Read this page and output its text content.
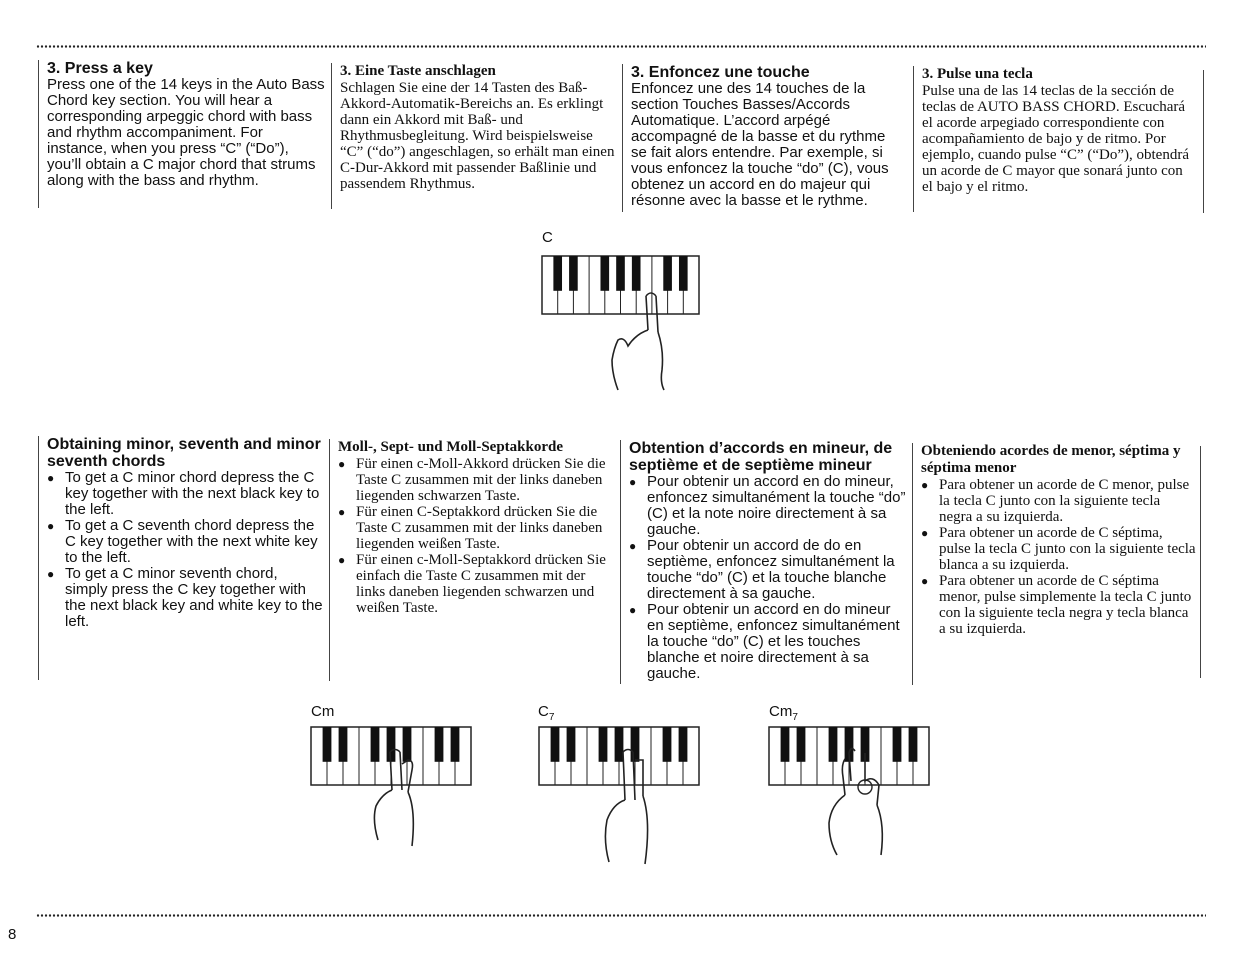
3. Press a key

Press one of the 14 keys in the Auto Bass Chord key section. You will hear a corresponding arpeggic chord with bass and rhythm accompaniment. For instance, when you press “C” (“Do”), you’ll obtain a C major chord that strums along with the bass and rhythm.

3. Eine Taste anschlagen

Schlagen Sie eine der 14 Tasten des Baß-Akkord-Automatik-Bereichs an. Es erklingt dann ein Akkord mit Baß- und Rhythmusbegleitung. Wird beispielsweise “C” (“do”) angeschlagen, so erhält man einen C-Dur-Akkord mit passender Baßlinie und passendem Rhythmus.

3. Enfoncez une touche

Enfoncez une des 14 touches de la section Touches Basses/Accords Automatique. L’accord arpégé accompagné de la basse et du rythme se fait alors entendre. Par exemple, si vous enfoncez la touche “do” (C), vous obtenez un accord en do majeur qui résonne avec la basse et le rythme.

3. Pulse una tecla

Pulse una de las 14 teclas de la sección de teclas de AUTO BASS CHORD. Escuchará el acorde arpegiado correspondiente con acompañamiento de bajo y de ritmo. Por ejemplo, cuando pulse “C” (“Do”), obtendrá un acorde de C mayor que sonará junto con el bajo y el ritmo.

C
Obtaining minor, seventh and minor seventh chords
● To get a C minor chord depress the C key together with the next black key to the left.
● To get a C seventh chord depress the C key together with the next white key to the left.
● To get a C minor seventh chord, simply press the C key together with the next black key and white key to the left.
Moll-, Sept- und Moll-Septakkorde
● Für einen c-Moll-Akkord drücken Sie die Taste C zusammen mit der links daneben liegenden schwarzen Taste.
● Für einen C-Septakkord drücken Sie die Taste C zusammen mit der links daneben liegenden weißen Taste.
● Für einen c-Moll-Septakkord drücken Sie einfach die Taste C zusammen mit der links daneben liegenden schwarzen und weißen Taste.
Obtention d’accords en mineur, de septième et de septième mineur
● Pour obtenir un accord en do mineur, enfoncez simultanément la touche “do” (C) et la note noire directement à sa gauche.
● Pour obtenir un accord de do en septième, enfoncez simultanément la touche “do” (C) et la touche blanche directement à sa gauche.
● Pour obtenir un accord en do mineur en septième, enfoncez simultanément la touche “do” (C) et les touches blanche et noire directement à sa gauche.
Obteniendo acordes de menor, séptima y séptima menor
● Para obtener un acorde de C menor, pulse la tecla C junto con la siguiente tecla negra a su izquierda.
● Para obtener un acorde de C séptima, pulse la tecla C junto con la siguiente tecla blanca a su izquierda.
● Para obtener un acorde de C séptima menor, pulse simplemente la tecla C junto con la siguiente tecla negra y tecla blanca a su izquierda.
Cm	$C_7$	$Cm_7$
8
